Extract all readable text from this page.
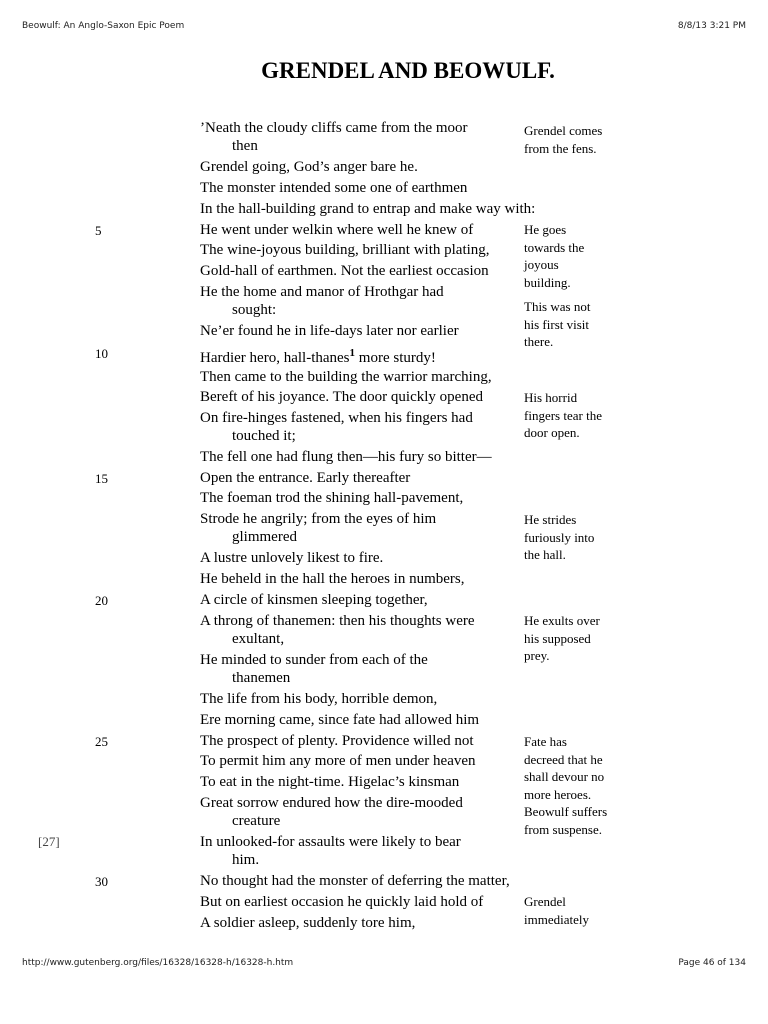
Beowulf: An Anglo-Saxon Epic Poem	8/8/13 3:21 PM
GRENDEL AND BEOWULF.
’Neath the cloudy cliffs came from the moor
then
Grendel going, God’s anger bare he.
The monster intended some one of earthmen
In the hall-building grand to entrap and make way with:
He went under welkin where well he knew of
The wine-joyous building, brilliant with plating,
Gold-hall of earthmen. Not the earliest occasion
He the home and manor of Hrothgar had
sought:
Ne’er found he in life-days later nor earlier
Hardier hero, hall-thanes$^1$ more sturdy!
Then came to the building the warrior marching,
Bereft of his joyance. The door quickly opened
On fire-hinges fastened, when his fingers had
touched it;
The fell one had flung then—his fury so bitter—
Open the entrance. Early thereafter
The foeman trod the shining hall-pavement,
Strode he angrily; from the eyes of him
glimmered
A lustre unlovely likest to fire.
He beheld in the hall the heroes in numbers,
A circle of kinsmen sleeping together,
A throng of thanemen: then his thoughts were
exultant,
He minded to sunder from each of the
thanemen
The life from his body, horrible demon,
Ere morning came, since fate had allowed him
The prospect of plenty. Providence willed not
To permit him any more of men under heaven
To eat in the night-time. Higelac’s kinsman
Great sorrow endured how the dire-mooded
creature
In unlooked-for assaults were likely to bear
him.
No thought had the monster of deferring the matter,
But on earliest occasion he quickly laid hold of
A soldier asleep, suddenly tore him,
5
10
15
20
25
30
[27]
Grendel comes
from the fens.
He goes
towards the
joyous
building.
This was not
his first visit
there.
His horrid
fingers tear the
door open.
He strides
furiously into
the hall.
He exults over
his supposed
prey.
Fate has
decreed that he
shall devour no
more heroes.
Beowulf suffers
from suspense.
Grendel
immediately
http://www.gutenberg.org/files/16328/16328-h/16328-h.htm	Page 46 of 134
